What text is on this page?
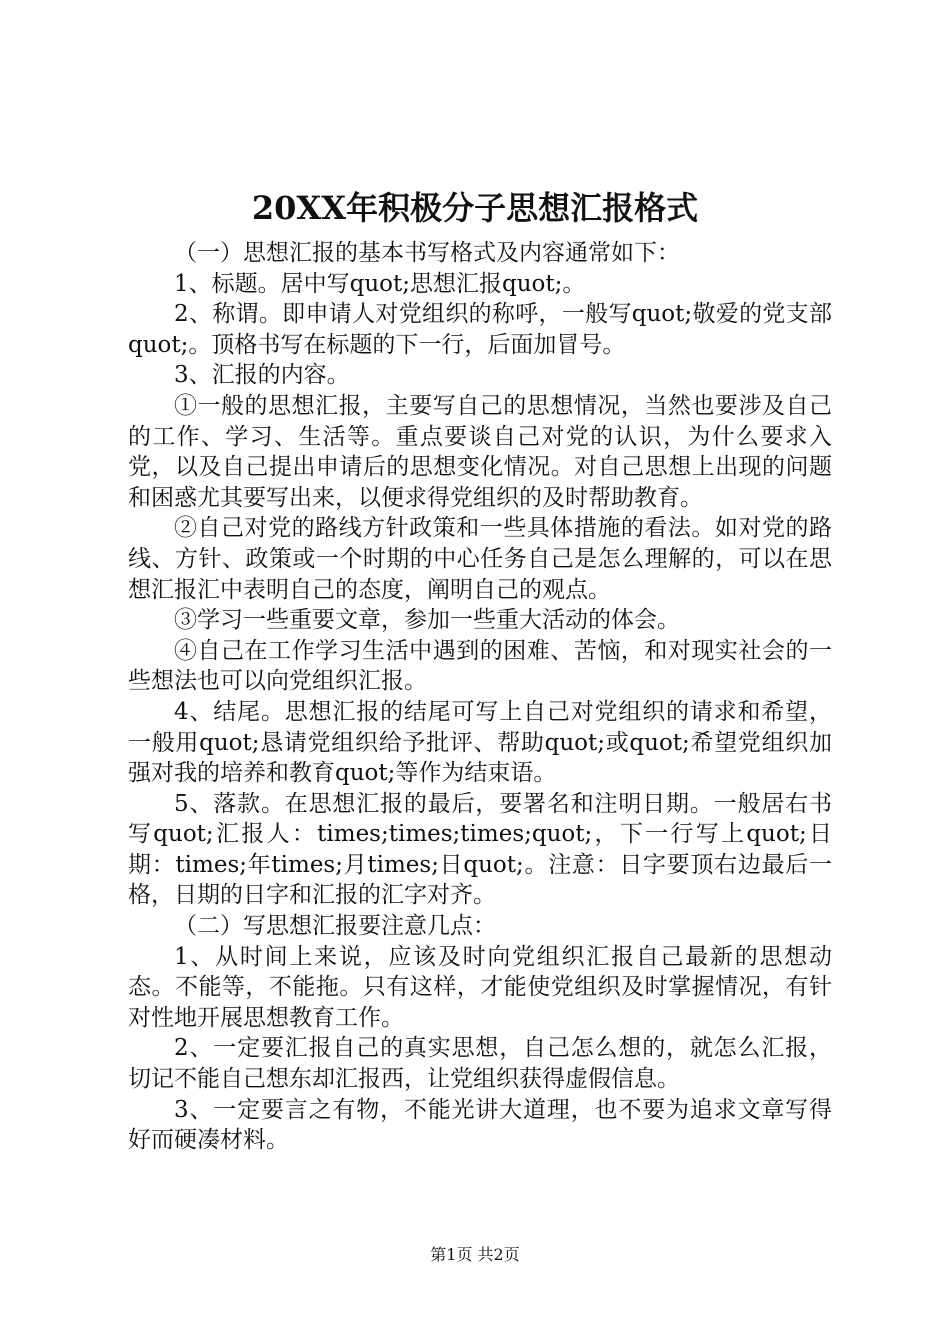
20XX年积极分子思想汇报格式

（一）思想汇报的基本书写格式及内容通常如下：

1、标题。居中写quot;思想汇报quot;。

2、称谓。即申请人对党组织的称呼，一般写quot;敬爱的党支部quot;。顶格书写在标题的下一行，后面加冒号。

3、汇报的内容。

①一般的思想汇报，主要写自己的思想情况，当然也要涉及自己的工作、学习、生活等。重点要谈自己对党的认识，为什么要求入党，以及自己提出申请后的思想变化情况。对自己思想上出现的问题和困惑尤其要写出来，以便求得党组织的及时帮助教育。

②自己对党的路线方针政策和一些具体措施的看法。如对党的路线、方针、政策或一个时期的中心任务自己是怎么理解的，可以在思想汇报汇中表明自己的态度，阐明自己的观点。

③学习一些重要文章，参加一些重大活动的体会。

④自己在工作学习生活中遇到的困难、苦恼，和对现实社会的一些想法也可以向党组织汇报。

4、结尾。思想汇报的结尾可写上自己对党组织的请求和希望，一般用quot;恳请党组织给予批评、帮助quot;或quot;希望党组织加强对我的培养和教育quot;等作为结束语。

5、落款。在思想汇报的最后，要署名和注明日期。一般居右书写quot;汇报人：times;times;times;quot;，下一行写上quot;日期：times;年times;月times;日quot;。注意：日字要顶右边最后一格，日期的日字和汇报的汇字对齐。

（二）写思想汇报要注意几点：

1、从时间上来说，应该及时向党组织汇报自己最新的思想动态。不能等，不能拖。只有这样，才能使党组织及时掌握情况，有针对性地开展思想教育工作。

2、一定要汇报自己的真实思想，自己怎么想的，就怎么汇报，切记不能自己想东却汇报西，让党组织获得虚假信息。

3、一定要言之有物，不能光讲大道理，也不要为追求文章写得好而硬凑材料。

第1页 共2页
